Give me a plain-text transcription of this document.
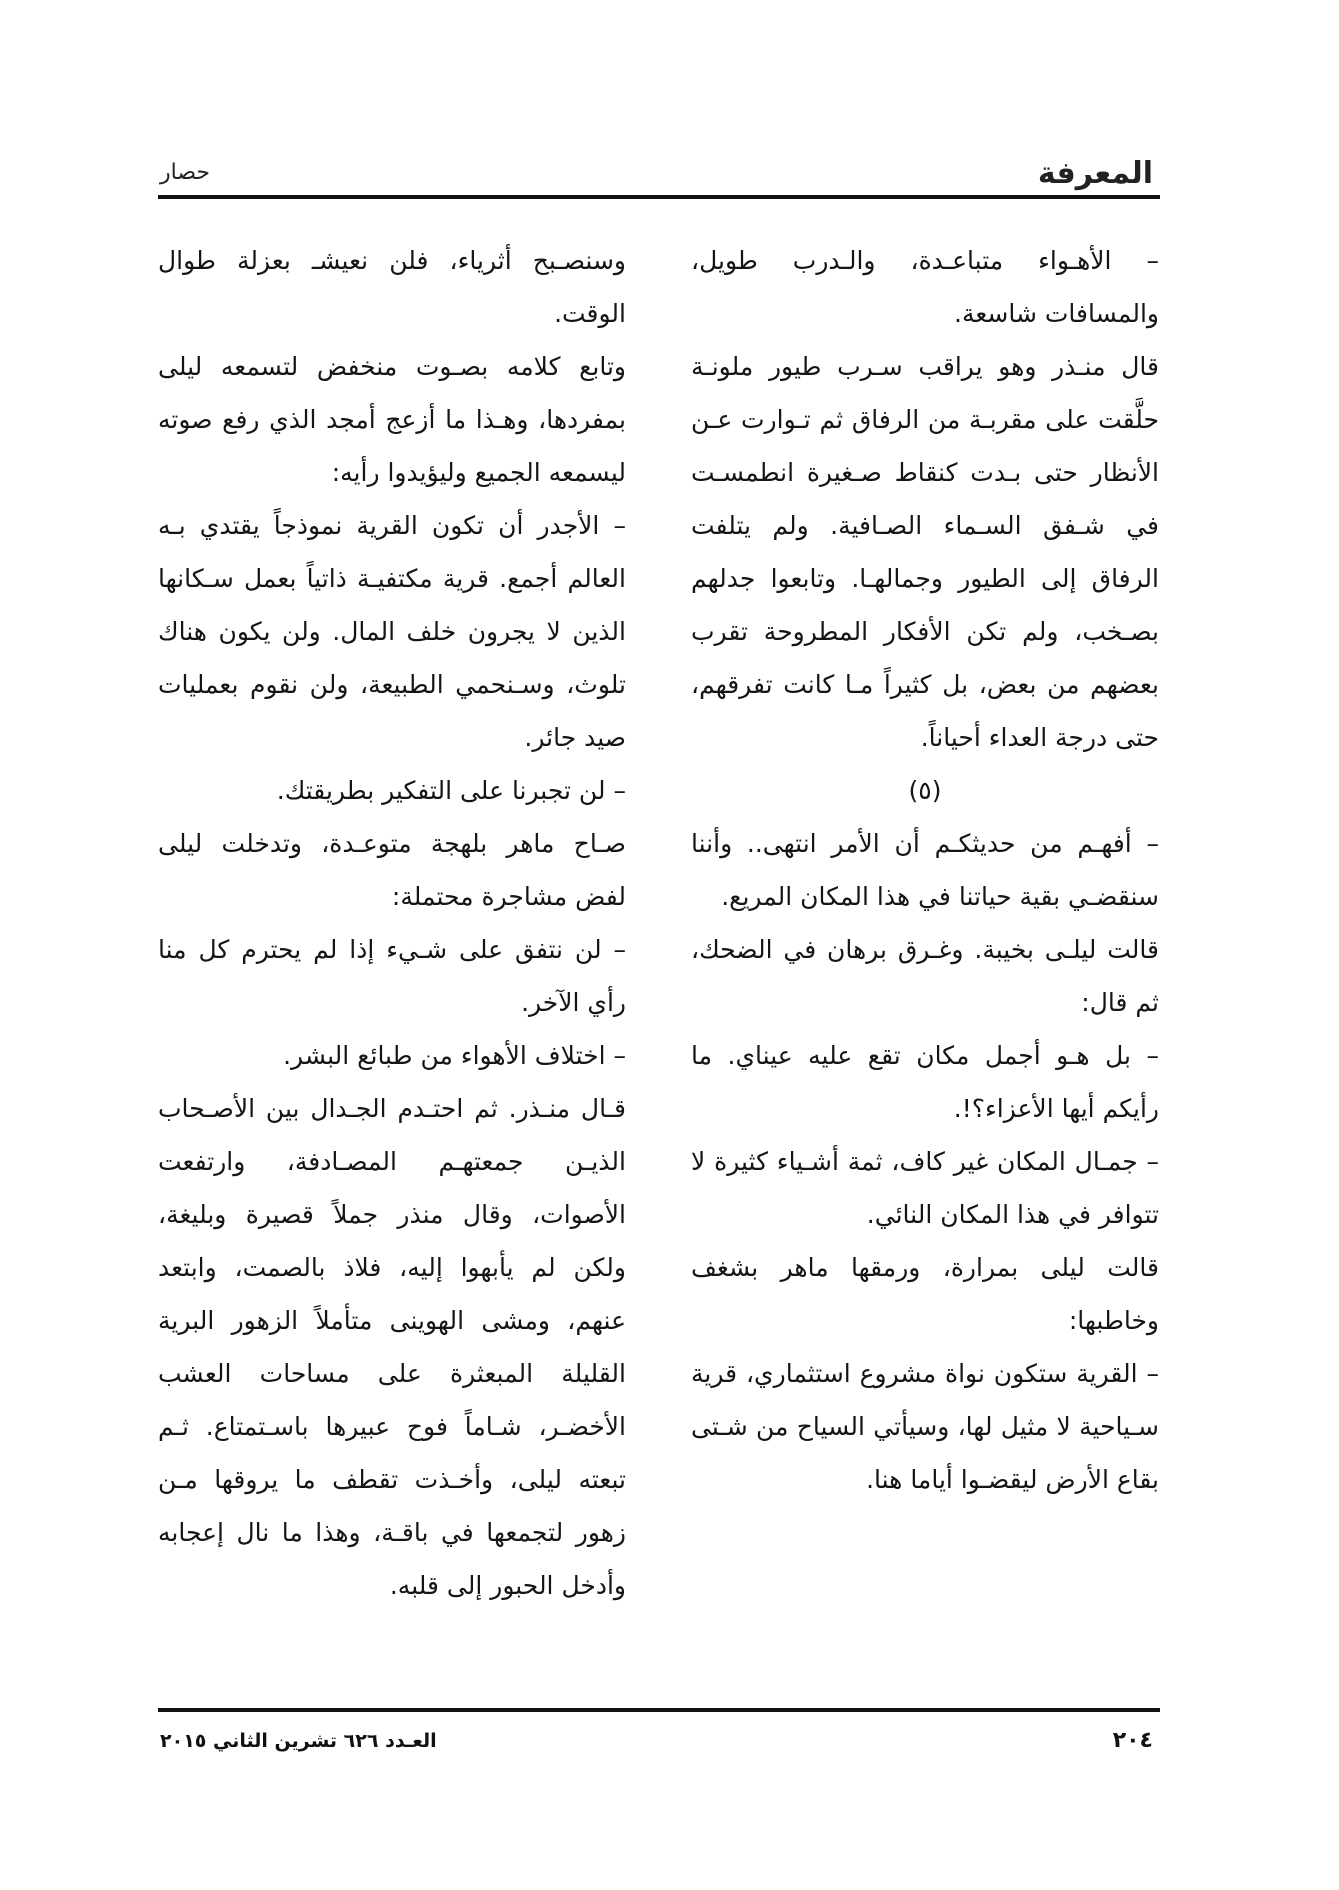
المعرفة
حصار

– الأهـواء متباعـدة، والـدرب طويل، والمسافات شاسعة.

قال منـذر وهو يراقب سـرب طيور ملونـة حلَّقت على مقربـة من الرفاق ثم تـوارت عـن الأنظار حتى بـدت كنقاط صـغيرة انطمسـت في شـفق السـماء الصـافية. ولم يتلفت الرفاق إلى الطيور وجمالهـا. وتابعوا جدلهم بصـخب، ولم تكن الأفكار المطروحة تقرب بعضهم من بعض، بل كثيراً مـا كانت تفرقهم، حتى درجة العداء أحياناً.

(٥)

– أفهـم من حديثكـم أن الأمر انتهى.. وأننا سنقضـي بقية حياتنا في هذا المكان المريع.

قالت ليلـى بخيبة. وغـرق برهان في الضحك، ثم قال:

– بل هـو أجمل مكان تقع عليه عيناي. ما رأيكم أيها الأعزاء؟!.

– جمـال المكان غير كاف، ثمة أشـياء كثيرة لا تتوافر في هذا المكان النائي.

قالت ليلى بمرارة، ورمقها ماهر بشغف وخاطبها:

– القرية ستكون نواة مشروع استثماري، قرية سـياحية لا مثيل لها، وسيأتي السياح من شـتى بقاع الأرض ليقضـوا أياما هنا.

وسنصـبح أثرياء، فلن نعيشـ بعزلة طوال الوقت.

وتابع كلامه بصـوت منخفض لتسمعه ليلى بمفردها، وهـذا ما أزعج أمجد الذي رفع صوته ليسمعه الجميع وليؤيدوا رأيه:

– الأجدر أن تكون القرية نموذجاً يقتدي بـه العالم أجمع. قرية مكتفيـة ذاتياً بعمل سـكانها الذين لا يجرون خلف المال. ولن يكون هناك تلوث، وسـنحمي الطبيعة، ولن نقوم بعمليات صيد جائر.

– لن تجبرنا على التفكير بطريقتك.

صـاح ماهر بلهجة متوعـدة، وتدخلت ليلى لفض مشاجرة محتملة:

– لن نتفق على شـيء إذا لم يحترم كل منا رأي الآخر.

– اختلاف الأهواء من طبائع البشر.

قـال منـذر. ثم احتـدم الجـدال بين الأصـحاب الذيـن جمعتهـم المصـادفة، وارتفعت الأصوات، وقال منذر جملاً قصيرة وبليغة، ولكن لم يأبهوا إليه، فلاذ بالصمت، وابتعد عنهم، ومشى الهوينى متأملاً الزهور البرية القليلة المبعثرة على مساحات العشب الأخضـر، شـاماً فوح عبيرها باسـتمتاع. ثـم تبعته ليلى، وأخـذت تقطف ما يروقها مـن زهور لتجمعها في باقـة، وهذا ما نال إعجابه وأدخل الحبور إلى قلبه.

٢٠٤
العـدد ٦٢٦ تشرين الثاني ٢٠١٥
